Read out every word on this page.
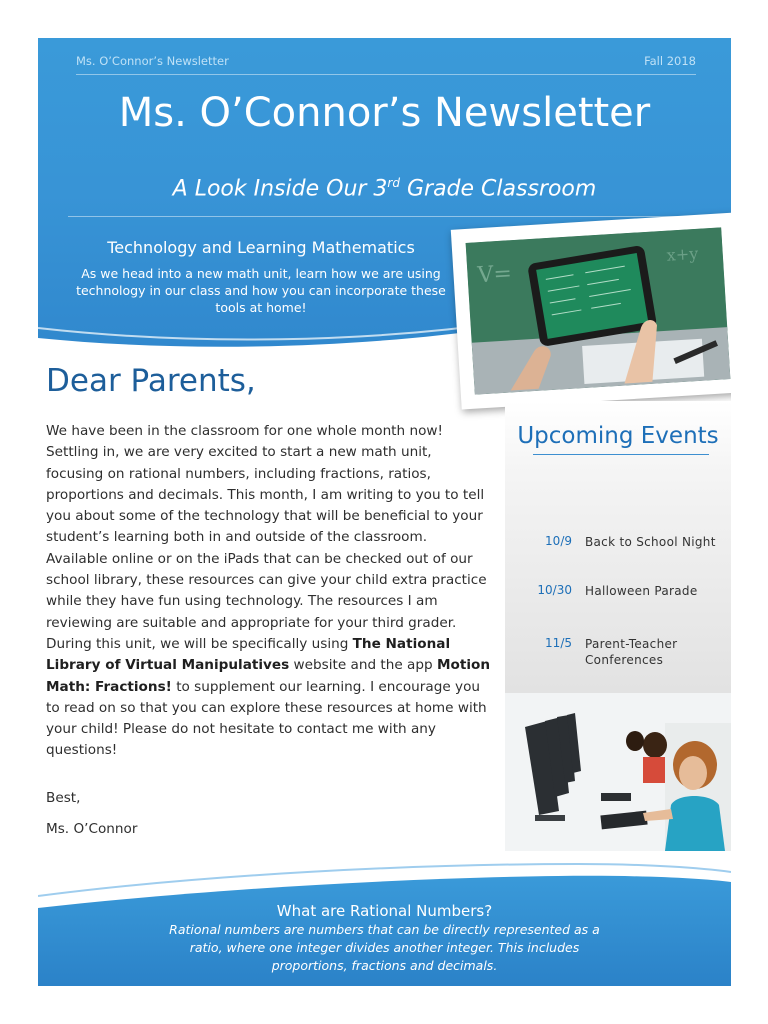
Ms. O’Connor’s Newsletter	Fall 2018
Ms. O’Connor’s Newsletter
A Look Inside Our 3rd Grade Classroom
Technology and Learning Mathematics
As we head into a new math unit, learn how we are using technology in our class and how you can incorporate these tools at home!
V=
x+y
Dear Parents,

We have been in the classroom for one whole month now! Settling in, we are very excited to start a new math unit, focusing on rational numbers, including fractions, ratios, proportions and decimals. This month, I am writing to you to tell you about some of the technology that will be beneficial to your student’s learning both in and outside of the classroom. Available online or on the iPads that can be checked out of our school library, these resources can give your child extra practice while they have fun using technology. The resources I am reviewing are suitable and appropriate for your third grader. During this unit, we will be specifically using The National Library of Virtual Manipulatives website and the app Motion Math: Fractions! to supplement our learning. I encourage you to read on so that you can explore these resources at home with your child! Please do not hesitate to contact me with any questions!

Best,
Ms. O’Connor
Upcoming Events
10/9 Back to School Night
10/30 Halloween Parade
11/5 Parent-Teacher Conferences
What are Rational Numbers?
Rational numbers are numbers that can be directly represented as a ratio, where one integer divides another integer. This includes proportions, fractions and decimals.
